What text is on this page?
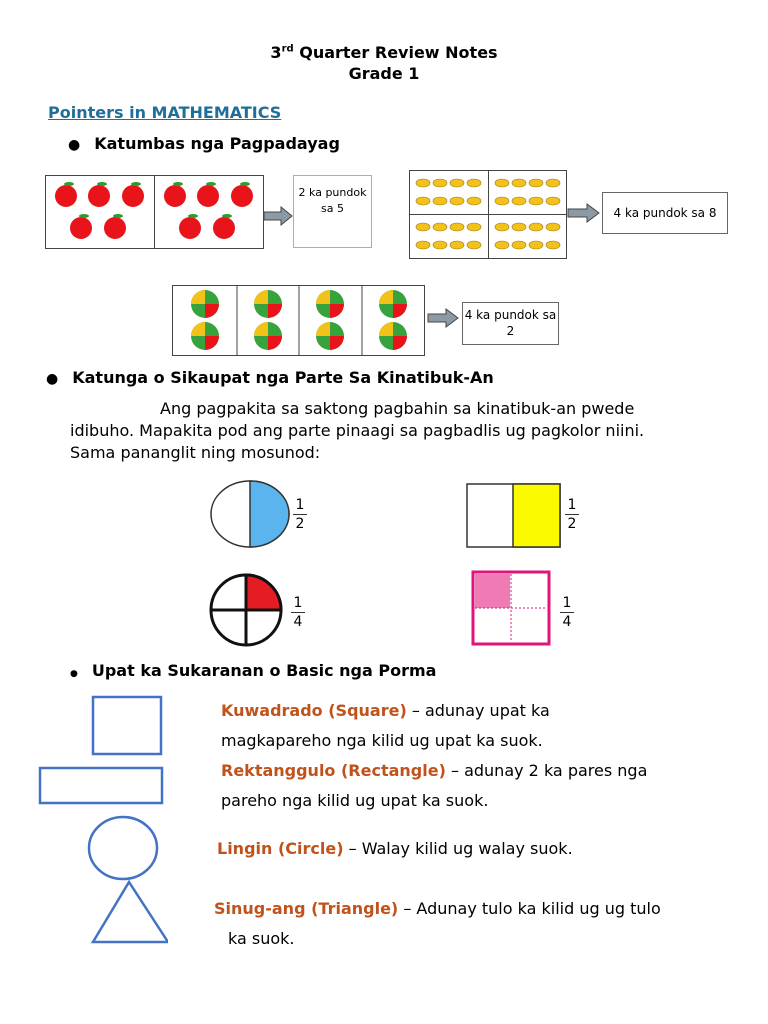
3rd Quarter Review Notes
Grade 1
Pointers in MATHEMATICS
● Katumbas nga Pagpadayag
2 ka pundok sa 5	4 ka pundok sa 8
4 ka pundok sa 2
● Katunga o Sikaupat nga Parte Sa Kinatibuk-An
Ang pagpakita sa saktong pagbahin sa kinatibuk-an pwede
idibuho. Mapakita pod ang parte pinaagi sa pagbadlis ug pagkolor niini.
Sama pananglit ning mosunod:
1
2
1
2
1
4
1
4
● Upat ka Sukaranan o Basic nga Porma
Kuwadrado (Square) – adunay upat ka
magkapareho nga kilid ug upat ka suok.
Rektanggulo (Rectangle) – adunay 2 ka pares nga
pareho nga kilid ug upat ka suok.
Lingin (Circle) – Walay kilid ug walay suok.
Sinug-ang (Triangle) – Adunay tulo ka kilid ug ug tulo
ka suok.
